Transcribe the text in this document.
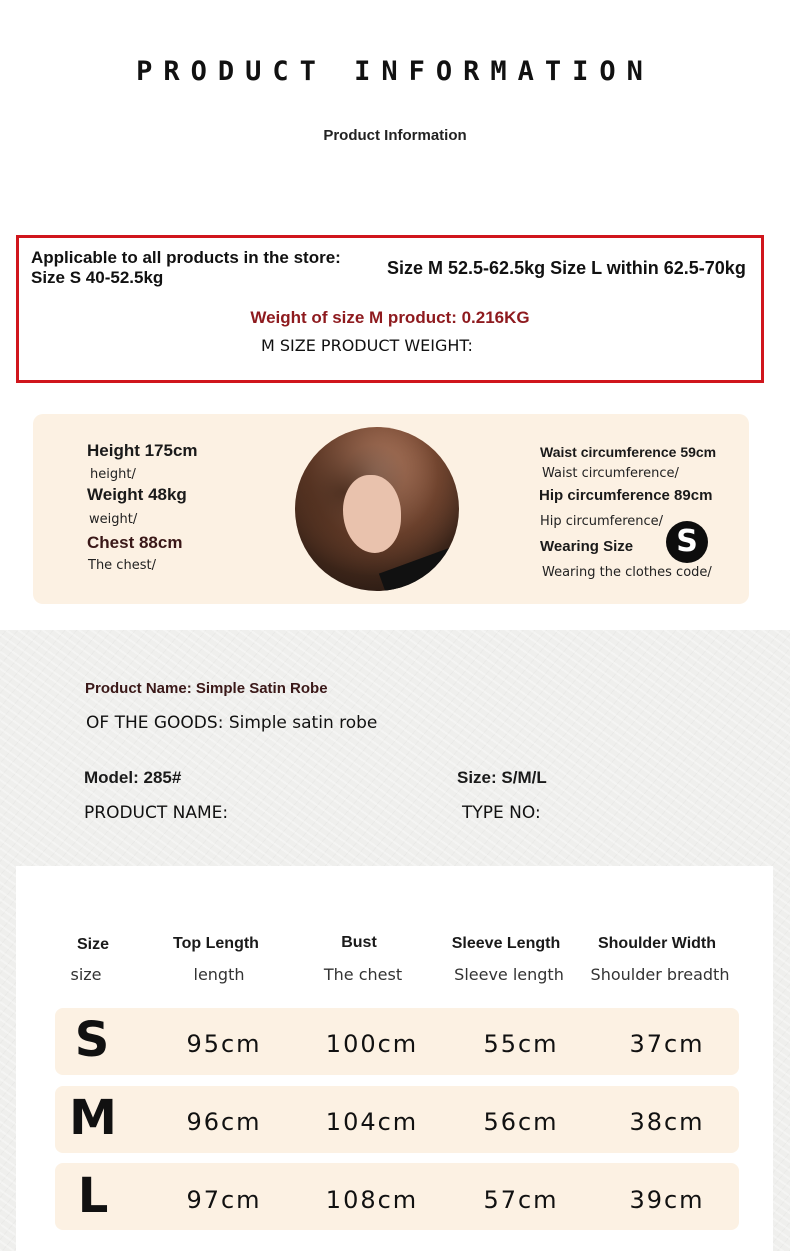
PRODUCT INFORMATION
Product Information
Applicable to all products in the store: Size S 40-52.5kg	Size M 52.5-62.5kg Size L within 62.5-70kg
Weight of size M product: 0.216KG
M SIZE PRODUCT WEIGHT:
Height 175cm
height/
Weight 48kg
weight/
Chest 88cm
The chest/
Waist circumference 59cm
Waist circumference/
Hip circumference 89cm
Hip circumference/
Wearing Size
Wearing the clothes code/
S
Product Name: Simple Satin Robe
OF THE GOODS: Simple satin robe
Model: 285#	Size: S/M/L
PRODUCT NAME:	TYPE NO:
Size	Top Length	Bust	Sleeve Length	Shoulder Width
size	length	The chest	Sleeve length	Shoulder breadth
S	95cm	100cm	55cm	37cm
M	96cm	104cm	56cm	38cm
L	97cm	108cm	57cm	39cm
